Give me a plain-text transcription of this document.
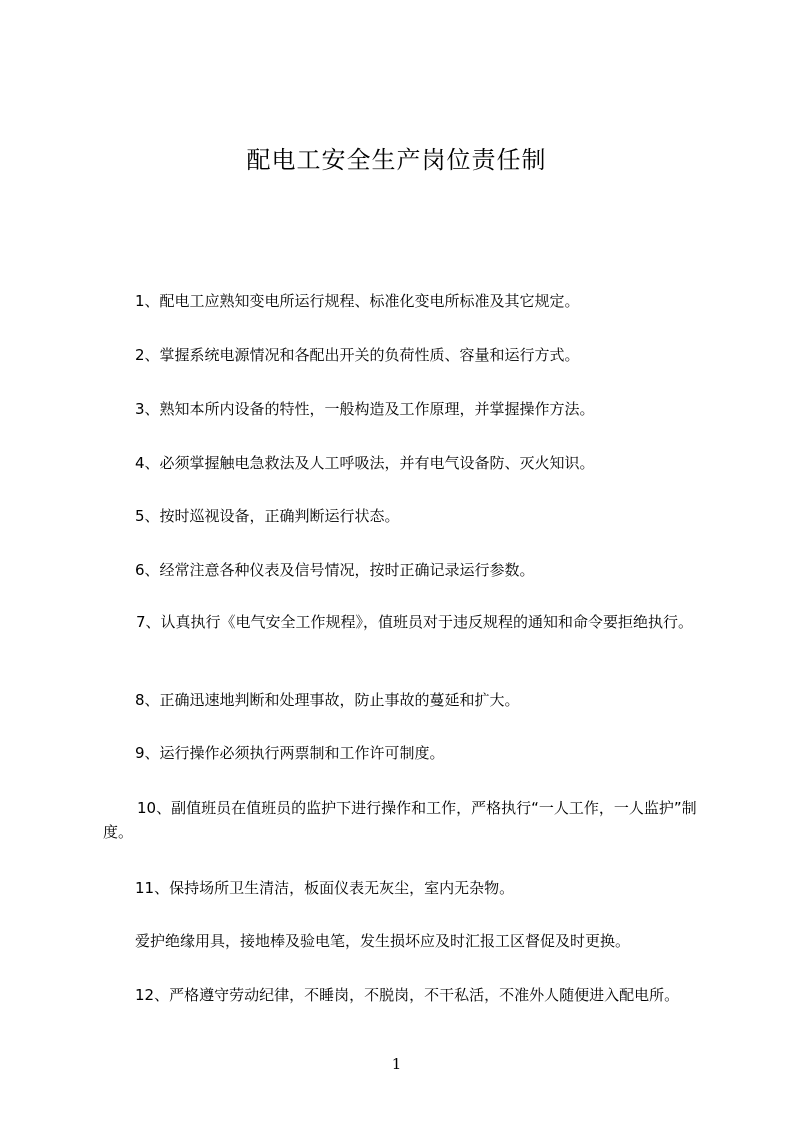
配电工安全生产岗位责任制
1、配电工应熟知变电所运行规程、标准化变电所标准及其它规定。
2、掌握系统电源情况和各配出开关的负荷性质、容量和运行方式。
3、熟知本所内设备的特性，一般构造及工作原理，并掌握操作方法。
4、必须掌握触电急救法及人工呼吸法，并有电气设备防、灭火知识。
5、按时巡视设备，正确判断运行状态。
6、经常注意各种仪表及信号情况，按时正确记录运行参数。
7、认真执行《电气安全工作规程》，值班员对于违反规程的通知和命令要拒绝执行。
8、正确迅速地判断和处理事故，防止事故的蔓延和扩大。
9、运行操作必须执行两票制和工作许可制度。
10、副值班员在值班员的监护下进行操作和工作，严格执行“一人工作，一人监护”制度。
11、保持场所卫生清洁，板面仪表无灰尘，室内无杂物。
爱护绝缘用具，接地棒及验电笔，发生损坏应及时汇报工区督促及时更换。
12、严格遵守劳动纪律，不睡岗，不脱岗，不干私活，不准外人随便进入配电所。
1
